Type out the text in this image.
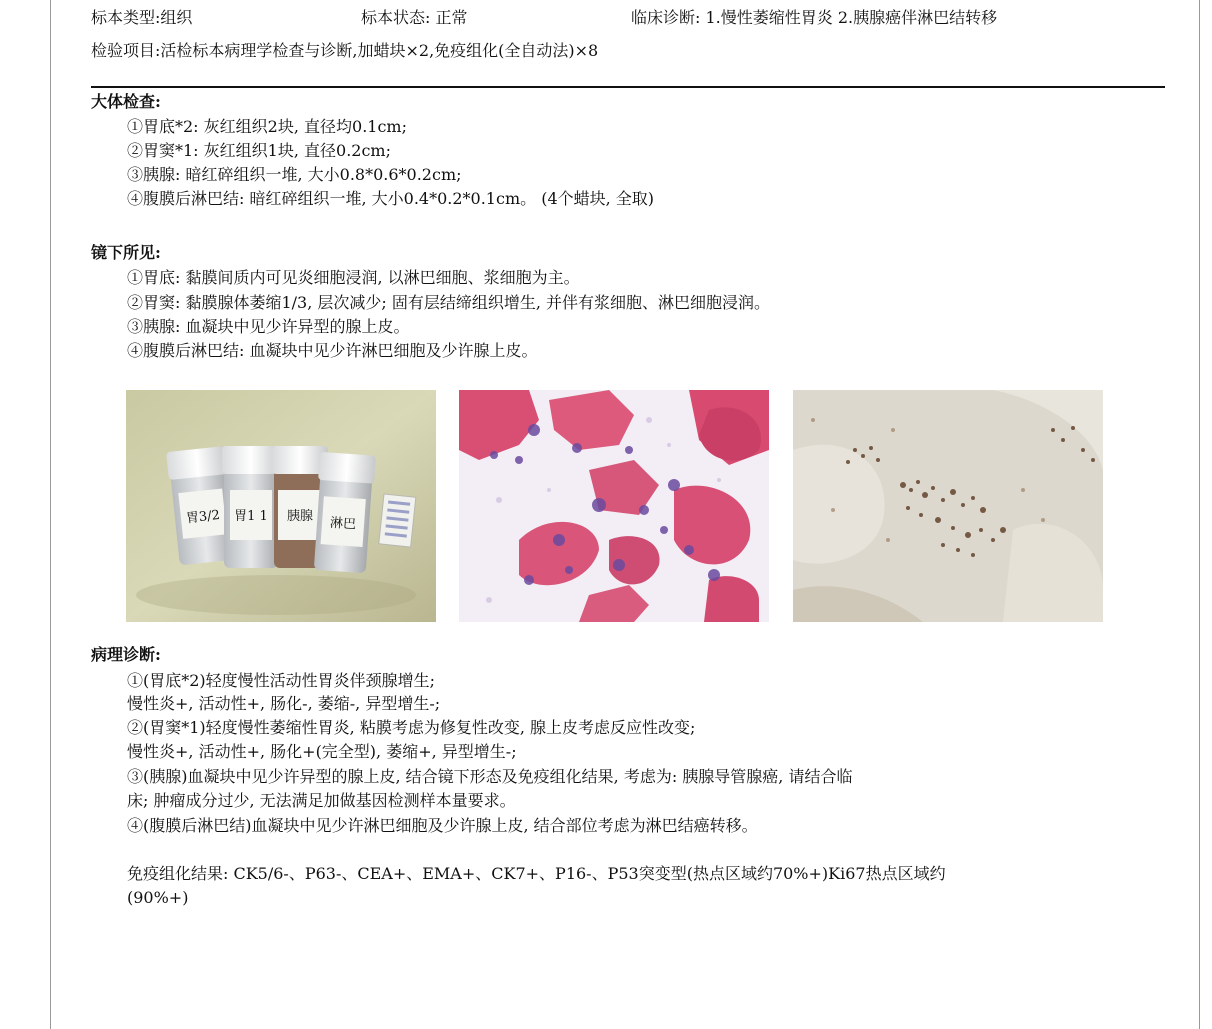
标本类型:组织	标本状态: 正常	临床诊断: 1.慢性萎缩性胃炎 2.胰腺癌伴淋巴结转移
检验项目:活检标本病理学检查与诊断,加蜡块×2,免疫组化(全自动法)×8
大体检查:
①胃底*2: 灰红组织2块, 直径均0.1cm;
②胃窦*1: 灰红组织1块, 直径0.2cm;
③胰腺: 暗红碎组织一堆, 大小0.8*0.6*0.2cm;
④腹膜后淋巴结: 暗红碎组织一堆, 大小0.4*0.2*0.1cm。 (4个蜡块, 全取)
镜下所见:
①胃底: 黏膜间质内可见炎细胞浸润, 以淋巴细胞、浆细胞为主。
②胃窦: 黏膜腺体萎缩1/3, 层次减少; 固有层结缔组织增生, 并伴有浆细胞、淋巴细胞浸润。
③胰腺: 血凝块中见少许异型的腺上皮。
④腹膜后淋巴结: 血凝块中见少许淋巴细胞及少许腺上皮。
胃3/2 胃1 1 胰腺 淋巴
病理诊断:
①(胃底*2)轻度慢性活动性胃炎伴颈腺增生;
慢性炎+, 活动性+, 肠化-, 萎缩-, 异型增生-;
②(胃窦*1)轻度慢性萎缩性胃炎, 粘膜考虑为修复性改变, 腺上皮考虑反应性改变;
慢性炎+, 活动性+, 肠化+(完全型), 萎缩+, 异型增生-;
③(胰腺)血凝块中见少许异型的腺上皮, 结合镜下形态及免疫组化结果, 考虑为: 胰腺导管腺癌, 请结合临
床; 肿瘤成分过少, 无法满足加做基因检测样本量要求。
④(腹膜后淋巴结)血凝块中见少许淋巴细胞及少许腺上皮, 结合部位考虑为淋巴结癌转移。
免疫组化结果: CK5/6-、P63-、CEA+、EMA+、CK7+、P16-、P53突变型(热点区域约70%+)Ki67热点区域约
(90%+)
